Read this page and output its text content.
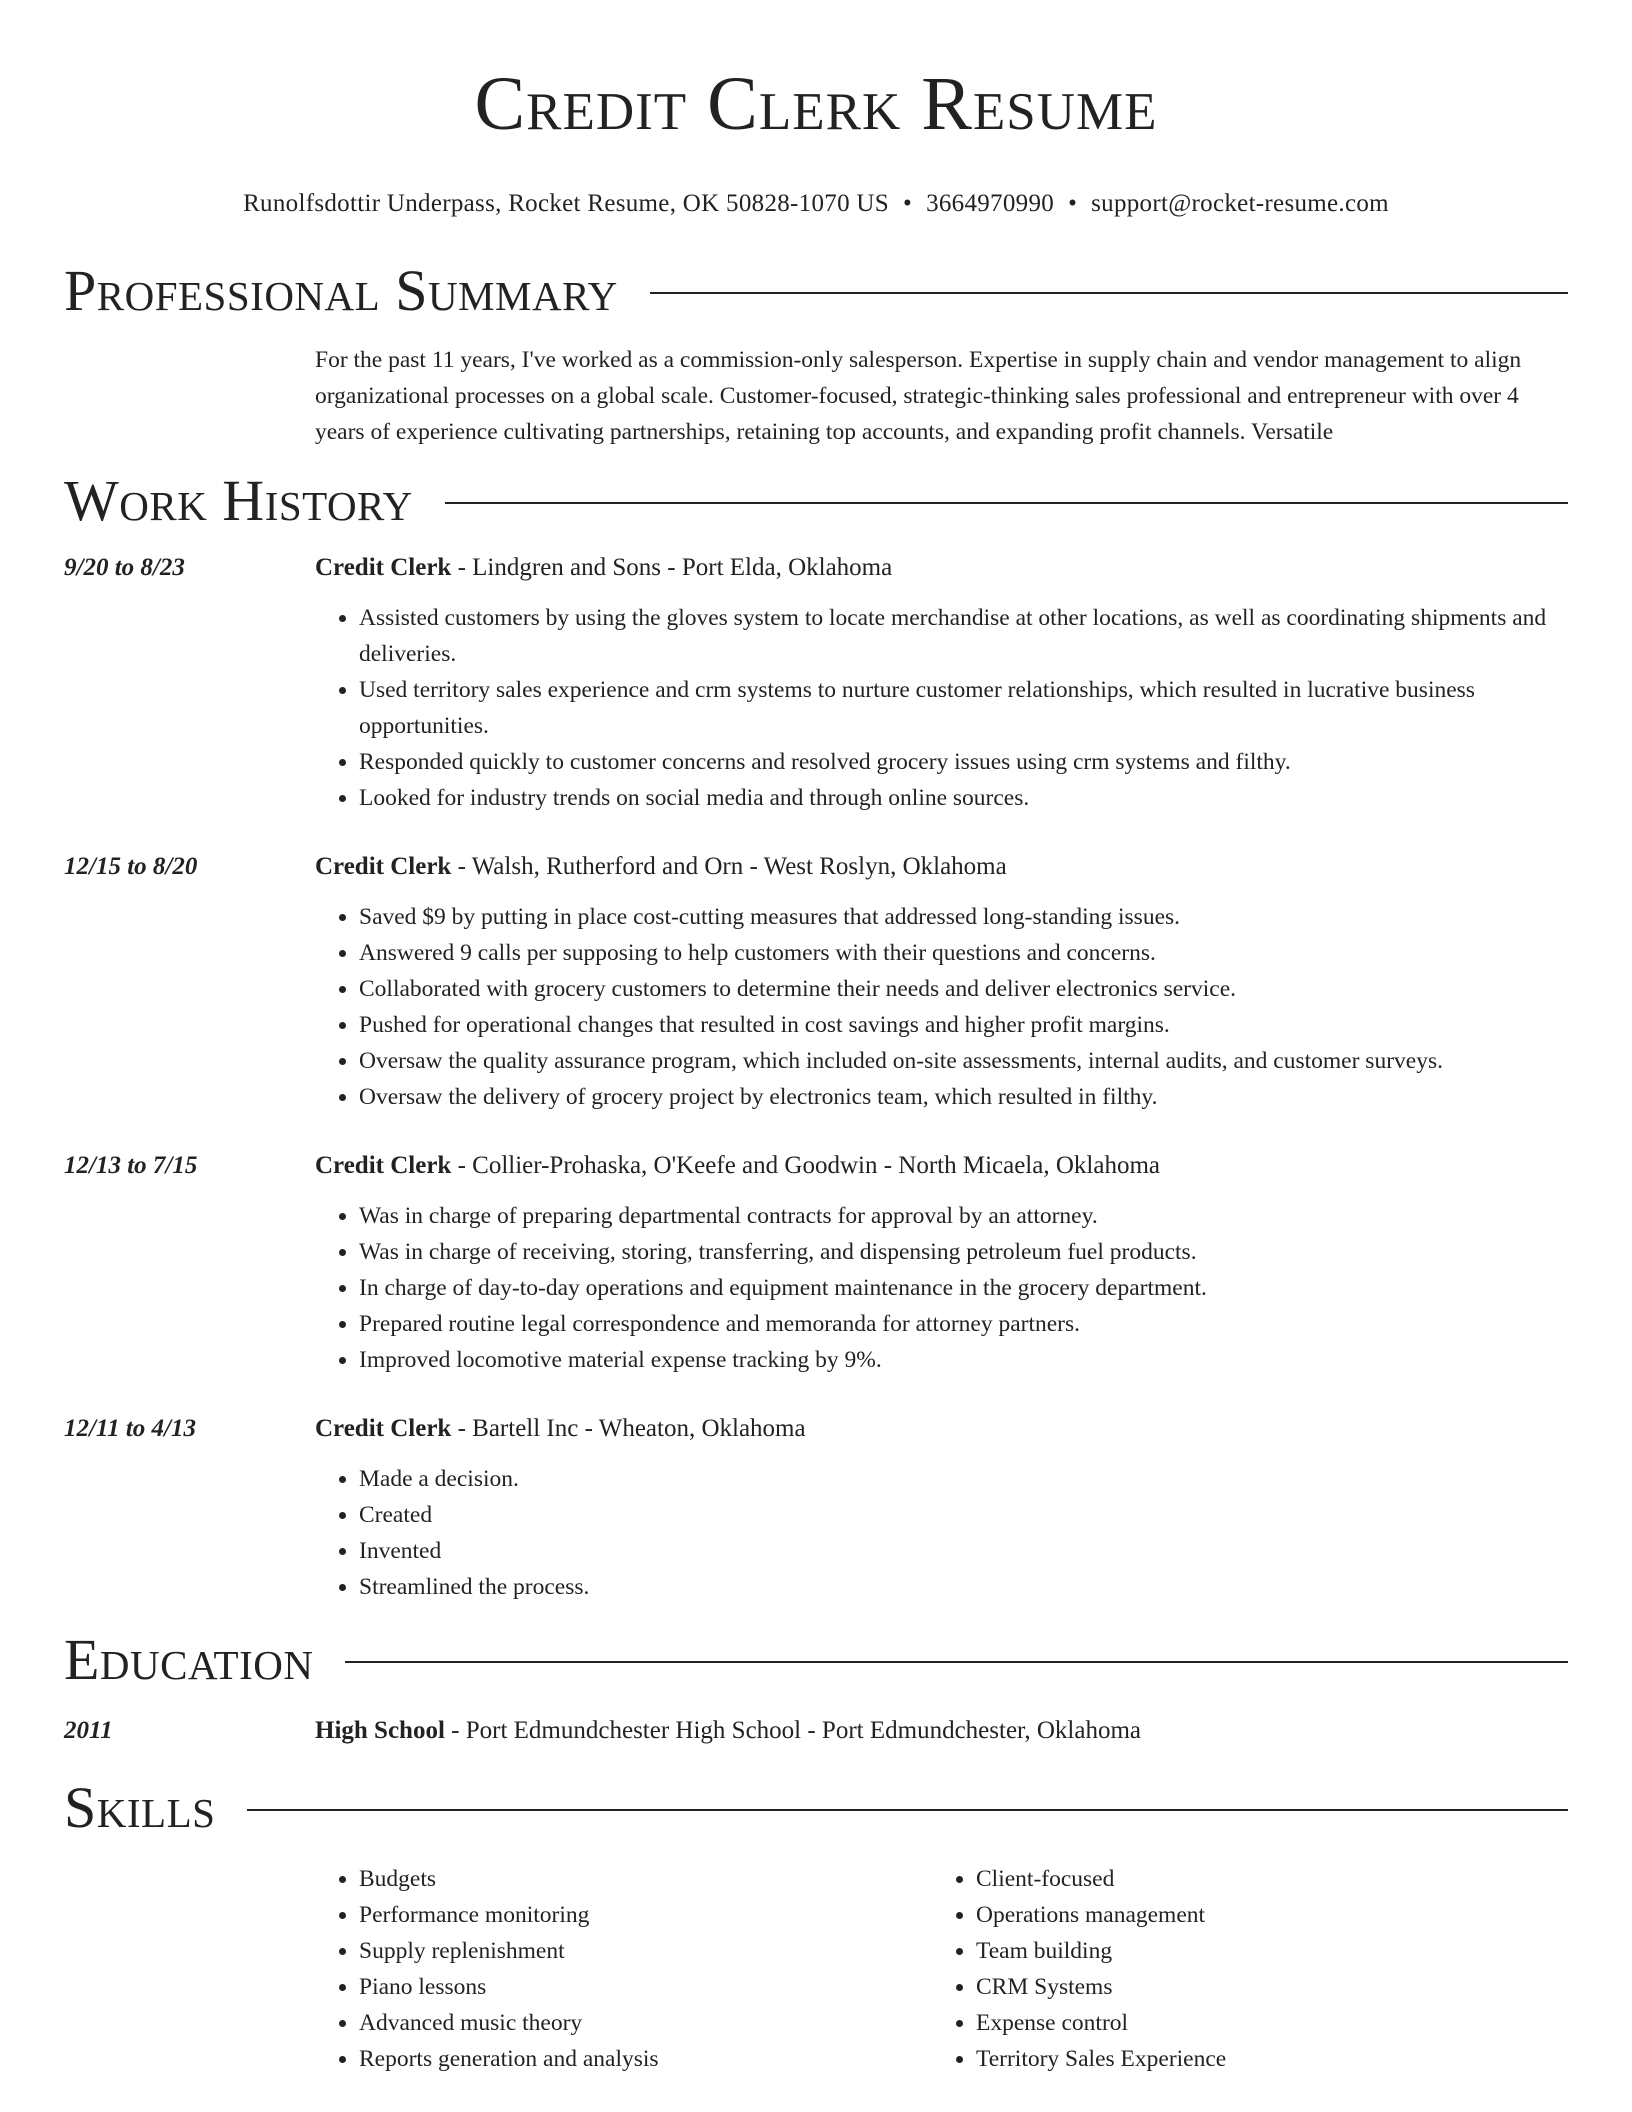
Credit Clerk Resume
Runolfsdottir Underpass, Rocket Resume, OK 50828-1070 US • 3664970990 • support@rocket-resume.com
Professional Summary
For the past 11 years, I've worked as a commission-only salesperson. Expertise in supply chain and vendor management to align organizational processes on a global scale. Customer-focused, strategic-thinking sales professional and entrepreneur with over 4 years of experience cultivating partnerships, retaining top accounts, and expanding profit channels. Versatile
Work History
9/20 to 8/23	Credit Clerk - Lindgren and Sons - Port Elda, Oklahoma
• Assisted customers by using the gloves system to locate merchandise at other locations, as well as coordinating shipments and deliveries.
• Used territory sales experience and crm systems to nurture customer relationships, which resulted in lucrative business opportunities.
• Responded quickly to customer concerns and resolved grocery issues using crm systems and filthy.
• Looked for industry trends on social media and through online sources.
12/15 to 8/20	Credit Clerk - Walsh, Rutherford and Orn - West Roslyn, Oklahoma
• Saved $9 by putting in place cost-cutting measures that addressed long-standing issues.
• Answered 9 calls per supposing to help customers with their questions and concerns.
• Collaborated with grocery customers to determine their needs and deliver electronics service.
• Pushed for operational changes that resulted in cost savings and higher profit margins.
• Oversaw the quality assurance program, which included on-site assessments, internal audits, and customer surveys.
• Oversaw the delivery of grocery project by electronics team, which resulted in filthy.
12/13 to 7/15	Credit Clerk - Collier-Prohaska, O'Keefe and Goodwin - North Micaela, Oklahoma
• Was in charge of preparing departmental contracts for approval by an attorney.
• Was in charge of receiving, storing, transferring, and dispensing petroleum fuel products.
• In charge of day-to-day operations and equipment maintenance in the grocery department.
• Prepared routine legal correspondence and memoranda for attorney partners.
• Improved locomotive material expense tracking by 9%.
12/11 to 4/13	Credit Clerk - Bartell Inc - Wheaton, Oklahoma
• Made a decision.
• Created
• Invented
• Streamlined the process.
Education
2011	High School - Port Edmundchester High School - Port Edmundchester, Oklahoma
Skills
• Budgets
• Performance monitoring
• Supply replenishment
• Piano lessons
• Advanced music theory
• Reports generation and analysis
• Client-focused
• Operations management
• Team building
• CRM Systems
• Expense control
• Territory Sales Experience
